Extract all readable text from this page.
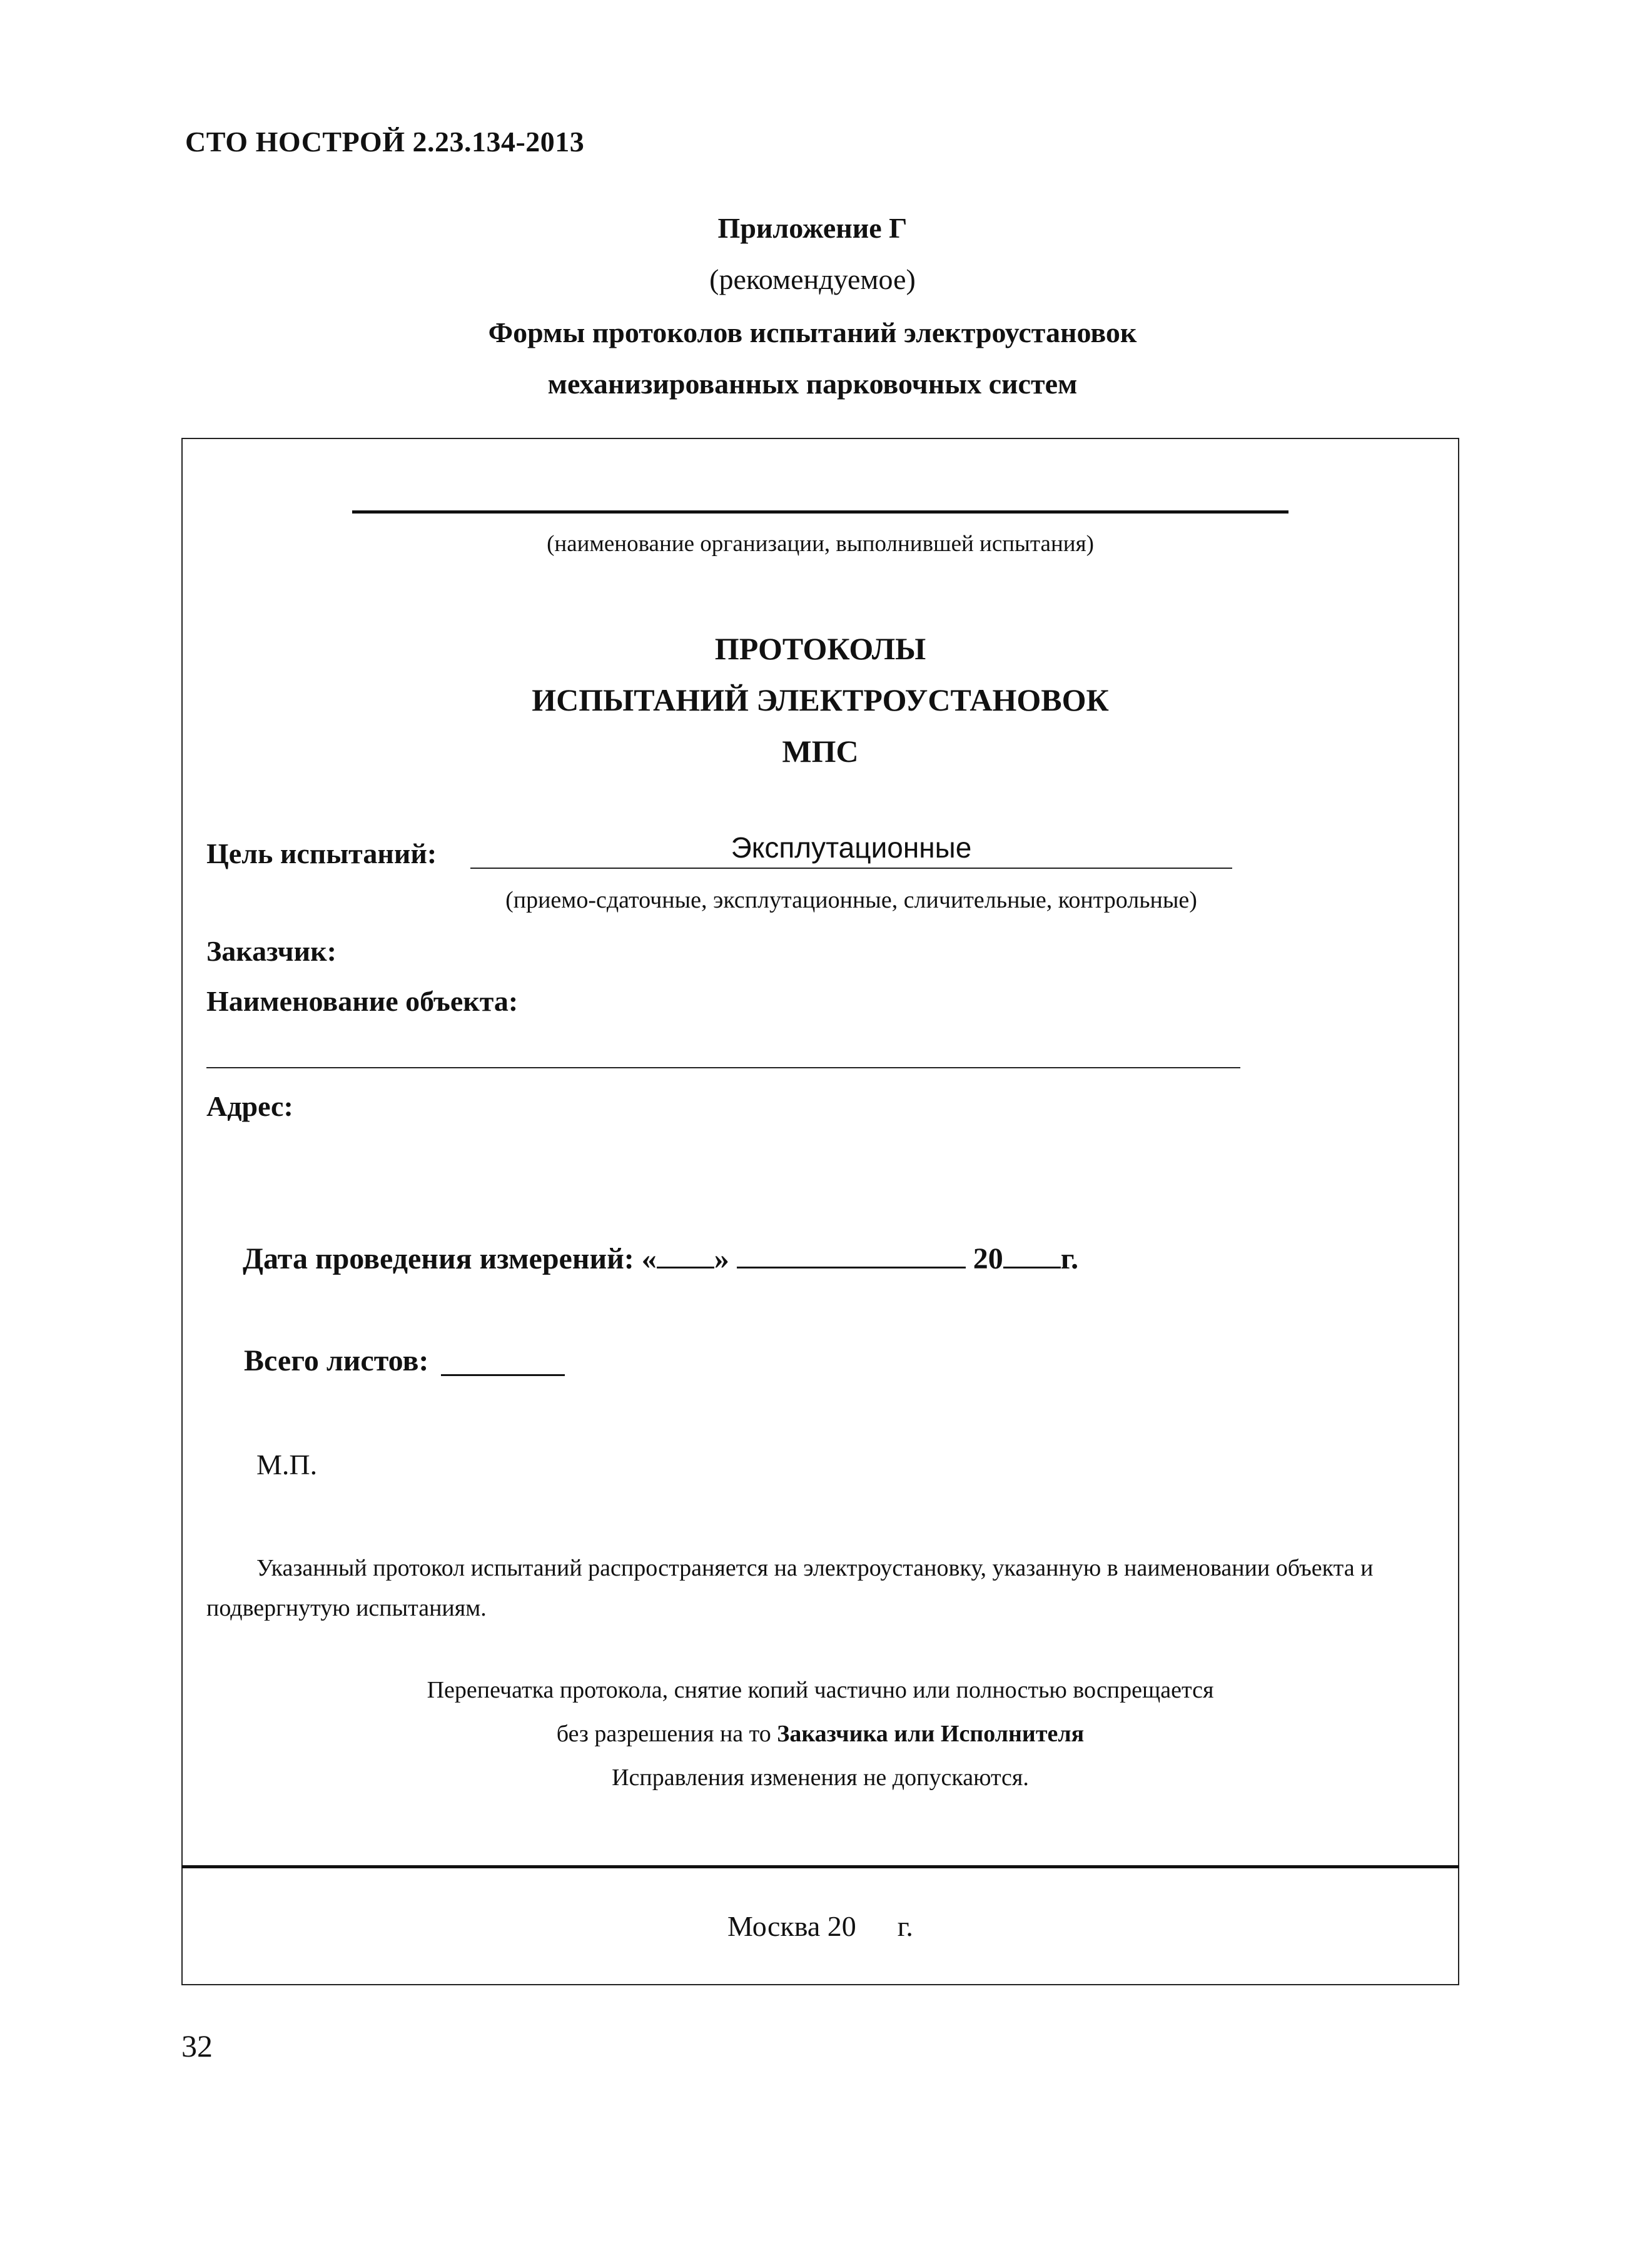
СТО НОСТРОЙ 2.23.134-2013
Приложение Г
(рекомендуемое)
Формы протоколов испытаний электроустановок
механизированных парковочных систем
(наименование организации, выполнившей испытания)
ПРОТОКОЛЫ
ИСПЫТАНИЙ ЭЛЕКТРОУСТАНОВОК
МПС
Цель испытаний:	Эксплутационные
(приемо-сдаточные, эксплутационные, сличительные, контрольные)
Заказчик:
Наименование объекта:
Адрес:
Дата проведения измерений: « »	20 г.
Всего листов:
М.П.
Указанный протокол испытаний распространяется на электроустановку, указанную в наименовании объекта и подвергнутую испытаниям.
Перепечатка протокола, снятие копий частично или полностью воспрещается
без разрешения на то Заказчика или Исполнителя
Исправления изменения не допускаются.
Москва 20 г.
32
